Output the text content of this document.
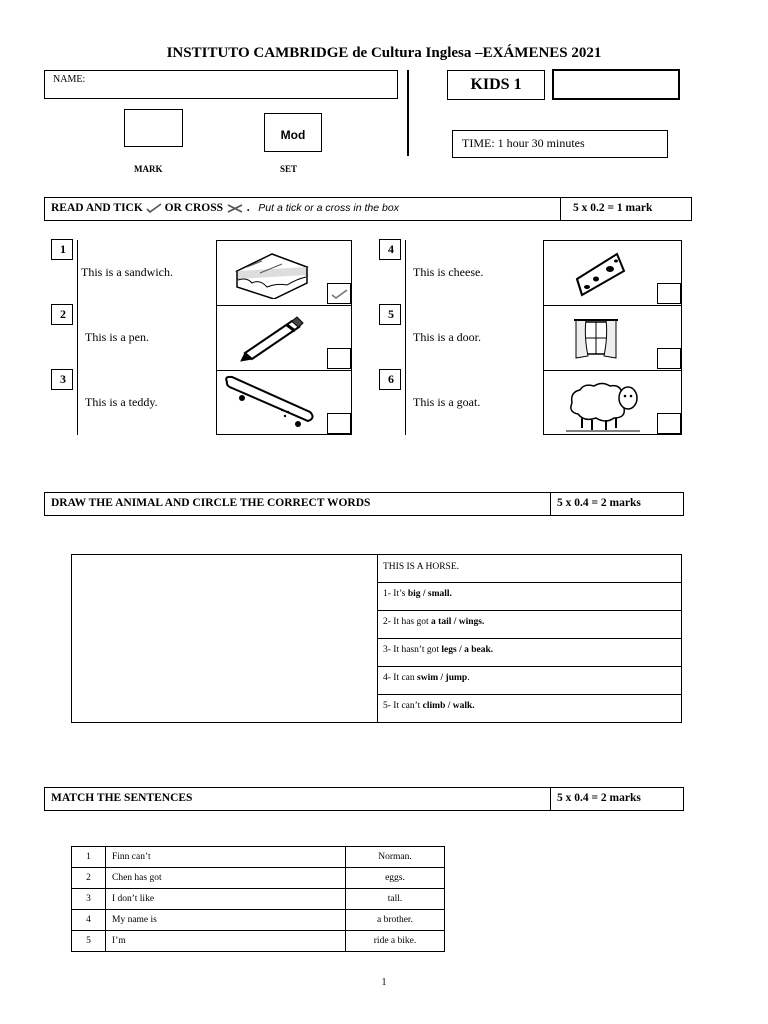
INSTITUTO CAMBRIDGE de Cultura Inglesa –EXÁMENES 2021
NAME:	KIDS 1
Mod
MARK	SET
TIME: 1 hour 30 minutes
READ AND TICK OR CROSS . Put a tick or a cross in the box	5 x 0.2 = 1 mark
1
This is a sandwich.
2
This is a pen.
3
This is a teddy.
4
This is cheese.
5
This is a door.
6
This is a goat.
DRAW THE ANIMAL AND CIRCLE THE CORRECT WORDS	5 x 0.4 = 2 marks
THIS IS A HORSE.
1- It’s big / small.
2- It has got a tail / wings.
3- It hasn’t got legs / a beak.
4- It can swim / jump.
5- It can’t climb / walk.
MATCH THE SENTENCES	5 x 0.4 = 2 marks
1	Finn can’t	Norman.
2	Chen has got	eggs.
3	I don’t like	tall.
4	My name is	a brother.
5	I’m	ride a bike.
1
